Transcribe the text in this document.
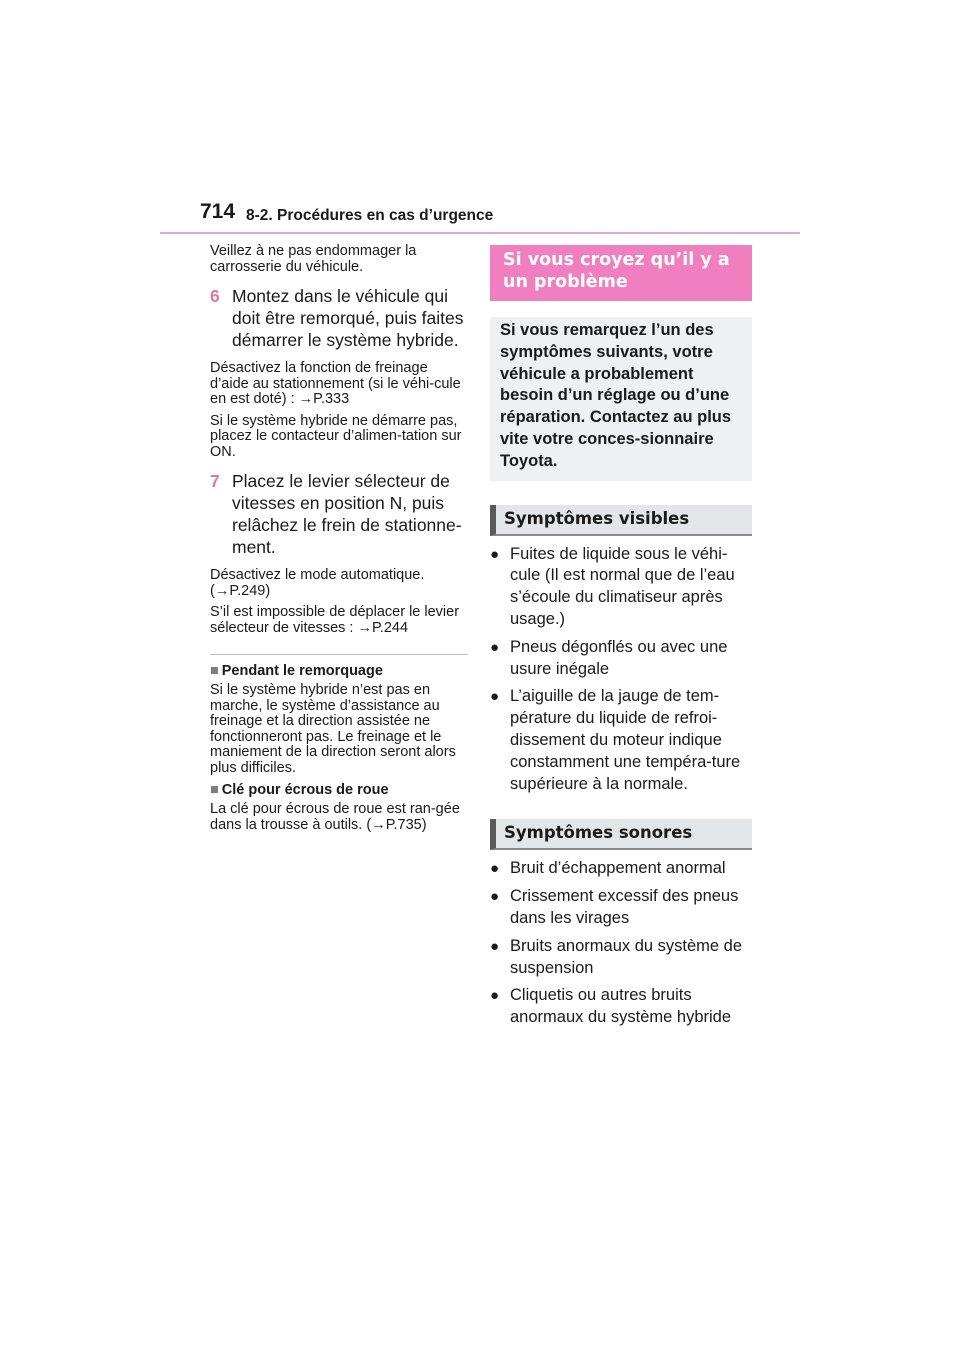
714 8-2. Procédures en cas d’urgence

Veillez à ne pas endommager la carrosserie du véhicule.

6 Montez dans le véhicule qui doit être remorqué, puis faites démarrer le système hybride.

Désactivez la fonction de freinage d’aide au stationnement (si le véhi-cule en est doté) : →P.333

Si le système hybride ne démarre pas, placez le contacteur d’alimen-tation sur ON.

7 Placez le levier sélecteur de vitesses en position N, puis relâchez le frein de stationne-ment.

Désactivez le mode automatique. (→P.249)

S’il est impossible de déplacer le levier sélecteur de vitesses : →P.244

■ Pendant le remorquage

Si le système hybride n’est pas en marche, le système d’assistance au freinage et la direction assistée ne fonctionneront pas. Le freinage et le maniement de la direction seront alors plus difficiles.

■ Clé pour écrous de roue

La clé pour écrous de roue est ran-gée dans la trousse à outils. (→P.735)

Si vous croyez qu’il y a un problème
Si vous remarquez l’un des symptômes suivants, votre véhicule a probablement besoin d’un réglage ou d’une réparation. Contactez au plus vite votre conces-sionnaire Toyota.
Symptômes visibles
● Fuites de liquide sous le véhi-cule (Il est normal que de l’eau s’écoule du climatiseur après usage.)
● Pneus dégonflés ou avec une usure inégale
● L’aiguille de la jauge de tem-pérature du liquide de refroi-dissement du moteur indique constamment une tempéra-ture supérieure à la normale.
Symptômes sonores
● Bruit d’échappement anormal
● Crissement excessif des pneus dans les virages
● Bruits anormaux du système de suspension
● Cliquetis ou autres bruits anormaux du système hybride
